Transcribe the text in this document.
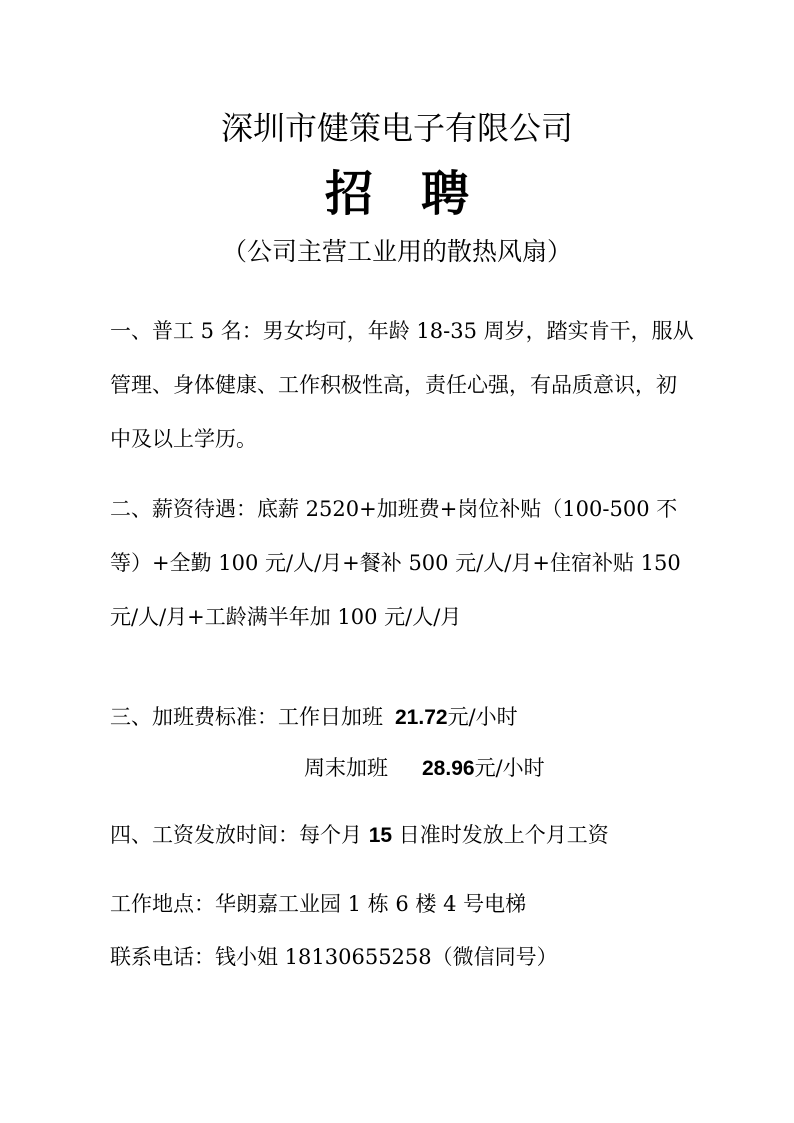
深圳市健策电子有限公司
招聘
（公司主营工业用的散热风扇）

一、普工 5 名：男女均可，年龄 18-35 周岁，踏实肯干，服从管理、身体健康、工作积极性高，责任心强，有品质意识，初中及以上学历。

二、薪资待遇：底薪 2520+加班费+岗位补贴（100-500 不等）+全勤 100 元/人/月+餐补 500 元/人/月+住宿补贴 150 元/人/月+工龄满半年加 100 元/人/月

三、加班费标准：工作日加班 21.72元/小时
周末加班 28.96元/小时
四、工资发放时间：每个月 15 日准时发放上个月工资
工作地点：华朗嘉工业园 1 栋 6 楼 4 号电梯
联系电话：钱小姐 18130655258（微信同号）
